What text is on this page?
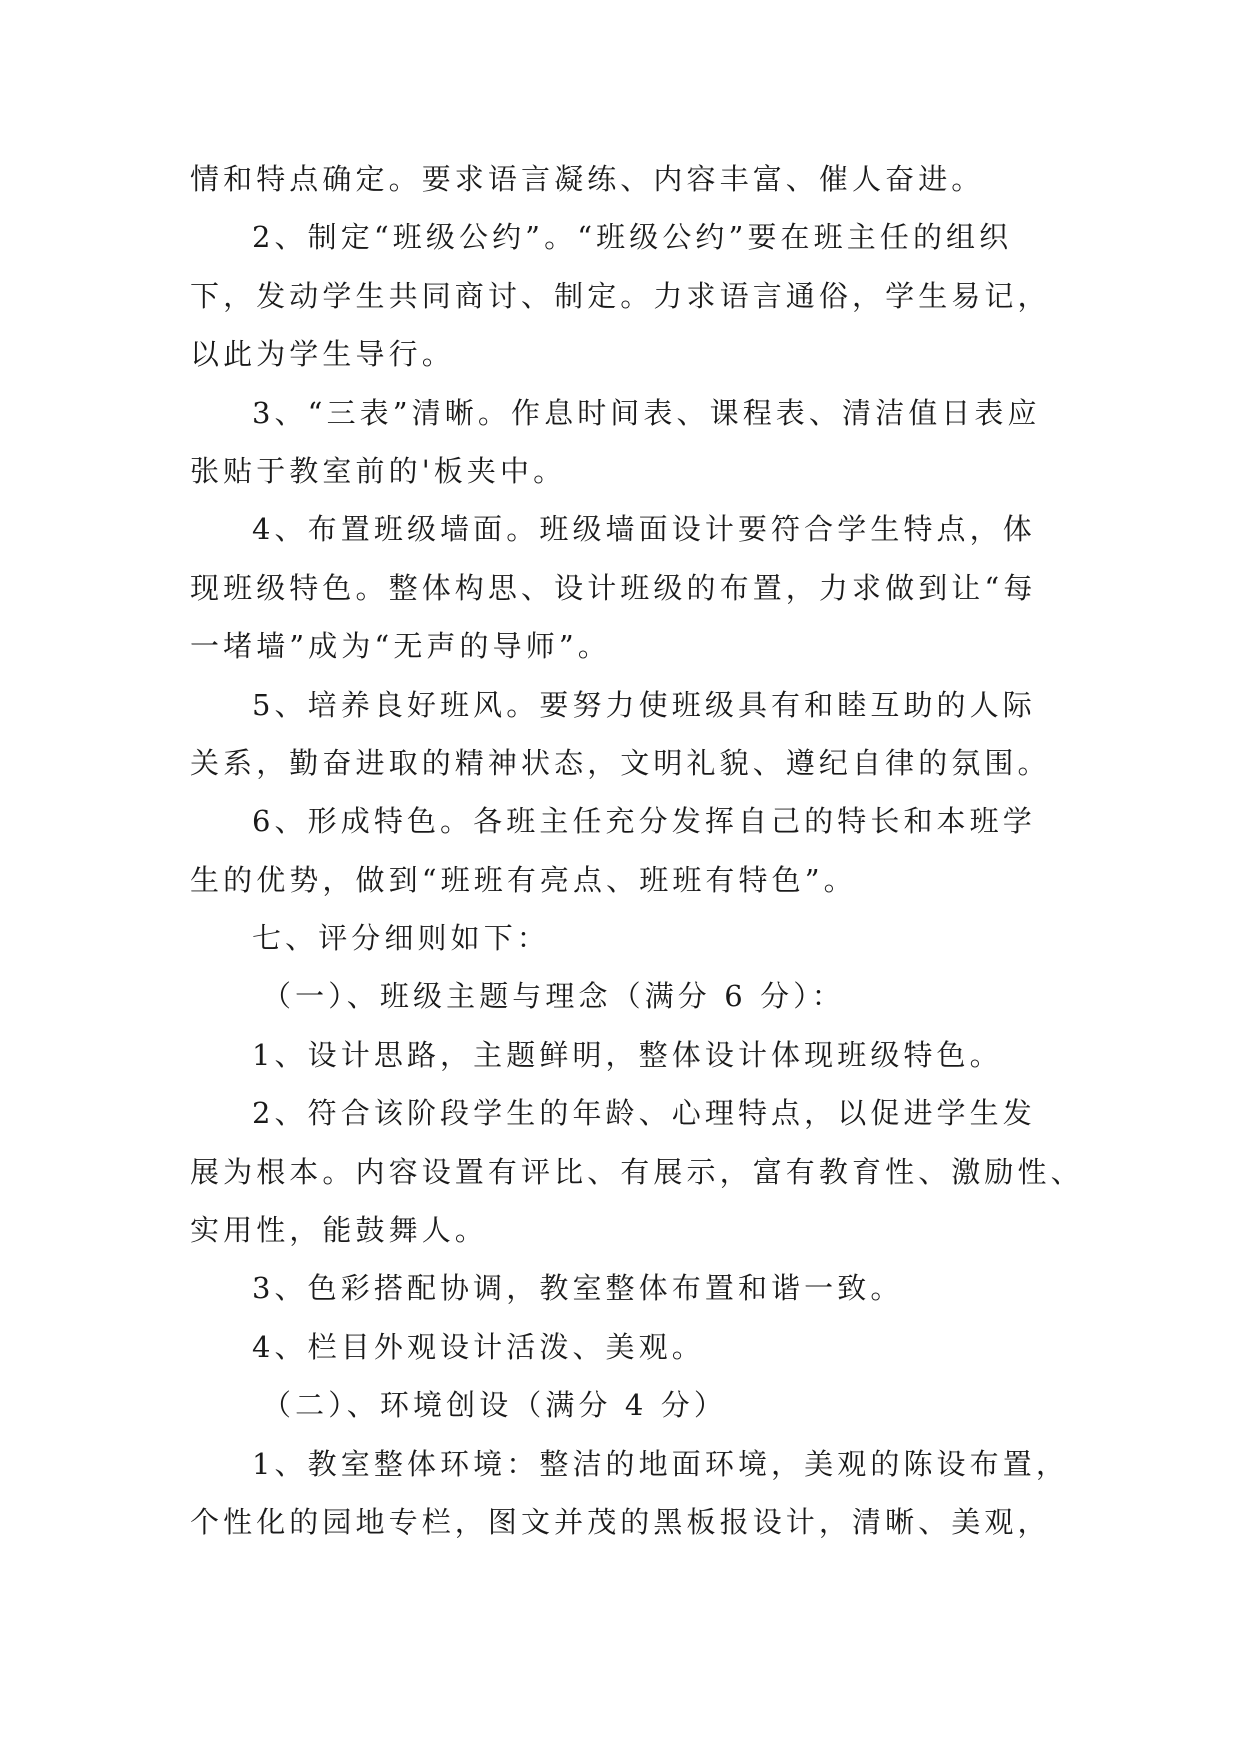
情和特点确定。要求语言凝练、内容丰富、催人奋进。
2、制定“班级公约”。“班级公约”要在班主任的组织
下，发动学生共同商讨、制定。力求语言通俗，学生易记，
以此为学生导行。
3、“三表”清晰。作息时间表、课程表、清洁值日表应
张贴于教室前的'板夹中。
4、布置班级墙面。班级墙面设计要符合学生特点，体
现班级特色。整体构思、设计班级的布置，力求做到让“每
一堵墙”成为“无声的导师”。
5、培养良好班风。要努力使班级具有和睦互助的人际
关系，勤奋进取的精神状态，文明礼貌、遵纪自律的氛围。
6、形成特色。各班主任充分发挥自己的特长和本班学
生的优势，做到“班班有亮点、班班有特色”。
七、评分细则如下：
（一）、班级主题与理念（满分 6 分）：
1、设计思路，主题鲜明，整体设计体现班级特色。
2、符合该阶段学生的年龄、心理特点，以促进学生发
展为根本。内容设置有评比、有展示，富有教育性、激励性、
实用性，能鼓舞人。
3、色彩搭配协调，教室整体布置和谐一致。
4、栏目外观设计活泼、美观。
（二）、环境创设（满分 4 分）
1、教室整体环境：整洁的地面环境，美观的陈设布置，
个性化的园地专栏，图文并茂的黑板报设计，清晰、美观，
